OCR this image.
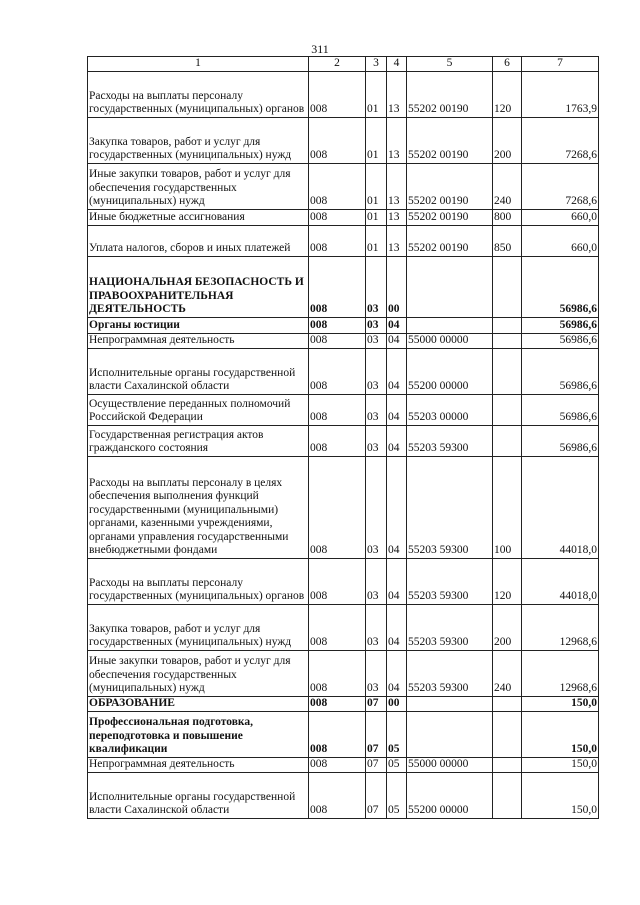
311
1	2	3	4	5	6	7
Расходы на выплаты персоналу государственных (муниципальных) органов	008	01	13	55202 00190	120	1763,9
Закупка товаров, работ и услуг для государственных (муниципальных) нужд	008	01	13	55202 00190	200	7268,6
Иные закупки товаров, работ и услуг для обеспечения государственных (муниципальных) нужд	008	01	13	55202 00190	240	7268,6
Иные бюджетные ассигнования	008	01	13	55202 00190	800	660,0
Уплата налогов, сборов и иных платежей	008	01	13	55202 00190	850	660,0
НАЦИОНАЛЬНАЯ БЕЗОПАСНОСТЬ И ПРАВООХРАНИТЕЛЬНАЯ ДЕЯТЕЛЬНОСТЬ	008	03	00			56986,6
Органы юстиции	008	03	04			56986,6
Непрограммная деятельность	008	03	04	55000 00000		56986,6
Исполнительные органы государственной власти Сахалинской области	008	03	04	55200 00000		56986,6
Осуществление переданных полномочий Российской Федерации	008	03	04	55203 00000		56986,6
Государственная регистрация актов гражданского состояния	008	03	04	55203 59300		56986,6
Расходы на выплаты персоналу в целях обеспечения выполнения функций государственными (муниципальными) органами, казенными учреждениями, органами управления государственными внебюджетными фондами	008	03	04	55203 59300	100	44018,0
Расходы на выплаты персоналу государственных (муниципальных) органов	008	03	04	55203 59300	120	44018,0
Закупка товаров, работ и услуг для государственных (муниципальных) нужд	008	03	04	55203 59300	200	12968,6
Иные закупки товаров, работ и услуг для обеспечения государственных (муниципальных) нужд	008	03	04	55203 59300	240	12968,6
ОБРАЗОВАНИЕ	008	07	00			150,0
Профессиональная подготовка, переподготовка и повышение квалификации	008	07	05			150,0
Непрограммная деятельность	008	07	05	55000 00000		150,0
Исполнительные органы государственной власти Сахалинской области	008	07	05	55200 00000		150,0
